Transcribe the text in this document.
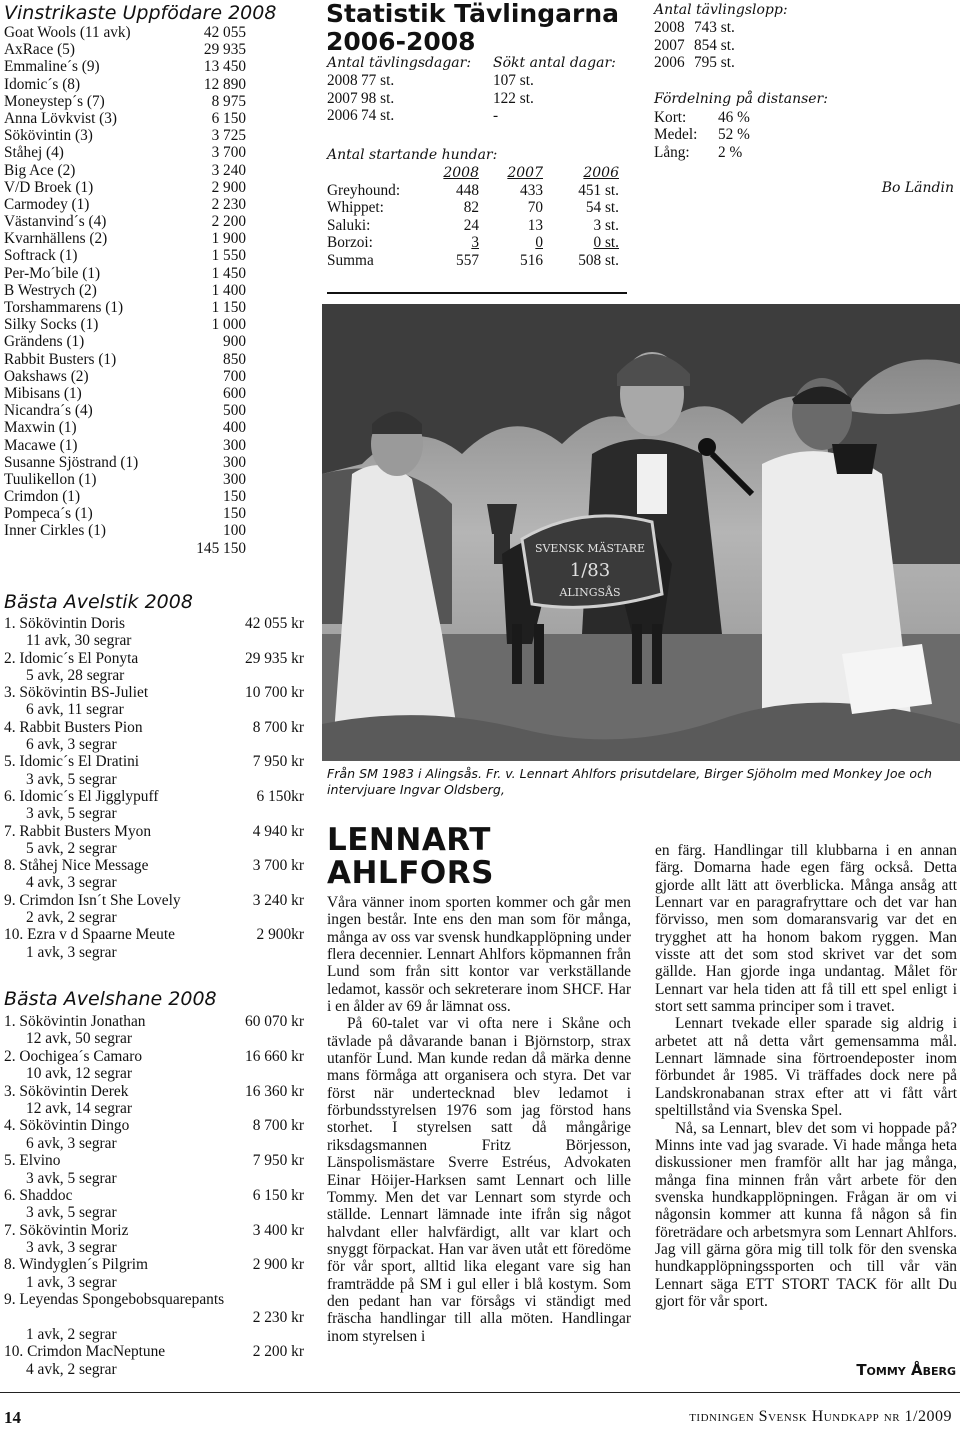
Vinstrikaste Uppfödare 2008
Goat Wools (11 avk)	42 055
AxRace (5)	29 935
Emmaline´s (9)	13 450
Idomic´s (8)	12 890
Moneystep´s (7)	8 975
Anna Lövkvist (3)	6 150
Sökövintin (3)	3 725
Ståhej (4)	3 700
Big Ace (2)	3 240
V/D Broek (1)	2 900
Carmodey (1)	2 230
Västanvind´s (4)	2 200
Kvarnhällens (2)	1 900
Softrack (1)	1 550
Per-Mo´bile (1)	1 450
B Westrych (2)	1 400
Torshammarens (1)	1 150
Silky Socks (1)	1 000
Grändens (1)	900
Rabbit Busters (1)	850
Oakshaws (2)	700
Mibisans (1)	600
Nicandra´s (4)	500
Maxwin (1)	400
Macawe (1)	300
Susanne Sjöstrand (1)	300
Tuulikellon (1)	300
Crimdon (1)	150
Pompeca´s (1)	150
Inner Cirkles (1)	100
145 150
Bästa Avelstik 2008
1. Sökövintin Doris	42 055 kr
11 avk, 30 segrar
2. Idomic´s El Ponyta	29 935 kr
5 avk, 28 segrar
3. Sökövintin BS-Juliet	10 700 kr
6 avk, 11 segrar
4. Rabbit Busters Pion	8 700 kr
6 avk, 3 segrar
5. Idomic´s El Dratini	7 950 kr
3 avk, 5 segrar
6. Idomic´s El Jigglypuff	6 150kr
3 avk, 5 segrar
7. Rabbit Busters Myon	4 940 kr
5 avk, 2 segrar
8. Ståhej Nice Message	3 700 kr
4 avk, 3 segrar
9. Crimdon Isn´t She Lovely	3 240 kr
2 avk, 2 segrar
10. Ezra v d Spaarne Meute	2 900kr
1 avk, 3 segrar
Bästa Avelshane 2008
1. Sökövintin Jonathan	60 070 kr
12 avk, 50 segrar
2. Oochigea´s Camaro	16 660 kr
10 avk, 12 segrar
3. Sökövintin Derek	16 360 kr
12 avk, 14 segrar
4. Sökövintin Dingo	8 700 kr
6 avk, 3 segrar
5. Elvino	7 950 kr
3 avk, 5 segrar
6. Shaddoc	6 150 kr
3 avk, 5 segrar
7. Sökövintin Moriz	3 400 kr
3 avk, 3 segrar
8. Windyglen´s Pilgrim	2 900 kr
1 avk, 3 segrar
9. Leyendas Spongebobsquarepants
2 230 kr
1 avk, 2 segrar
10. Crimdon MacNeptune	2 200 kr
4 avk, 2 segrar
Statistik Tävlingarna
2006-2008
Antal tävlingsdagar:	Sökt antal dagar:
2008 77 st.	107 st.
2007 98 st.	122 st.
2006 74 st.	-
Antal startande hundar:
2008	2007	2006
Greyhound:	448	433	451 st.
Whippet:	82	70	54 st.
Saluki:	24	13	3 st.
Borzoi:	3	0	0 st.
Summa	557	516	508 st.
Antal tävlingslopp:
2008 743 st.
2007 854 st.
2006 795 st.
Fördelning på distanser:
Kort:	46 %
Medel:	52 %
Lång:	2 %
Bo Ländin
SVENSK MÄSTARE
1/83
ALINGSÅS
Från SM 1983 i Alingsås. Fr. v. Lennart Ahlfors prisutdelare, Birger Sjöholm med Monkey Joe och intervjuare Ingvar Oldsberg,
LENNART
AHLFORS

Våra vänner inom sporten kommer och går men ingen består. Inte ens den man som för många, många av oss var svensk hundkapplöpning under flera decennier. Lennart Ahlfors köpmannen från Lund som från sitt kontor var verkställande ledamot, kassör och sekreterare inom SHCF. Har i en ålder av 69 år lämnat oss.

På 60-talet var vi ofta nere i Skåne och tävlade på dåvarande banan i Björnstorp, strax utanför Lund. Man kunde redan då märka denne mans förmåga att organisera och styra. Det var först när undertecknad blev ledamot i förbundsstyrelsen 1976 som jag förstod hans storhet. I styrelsen satt då mångårige riksdagsmannen Fritz Börjesson, Länspolismästare Sverre Estréus, Advokaten Einar Höijer-Harksen samt Lennart och lille Tommy. Men det var Lennart som styrde och ställde. Lennart lämnade inte ifrån sig något halvdant eller halvfärdigt, allt var klart och snyggt förpackat. Han var även utåt ett föredöme för vår sport, alltid lika elegant vare sig han framträdde på SM i gul eller i blå kostym. Som den pedant han var försågs vi ständigt med fräscha handlingar till alla möten. Handlingar inom styrelsen i

en färg. Handlingar till klubbarna i en annan färg. Domarna hade egen färg också. Detta gjorde allt lätt att överblicka. Många ansåg att Lennart var en paragrafryttare och det var han förvisso, men som domaransvarig var det en trygghet att ha honom bakom ryggen. Man visste att det som stod skrivet var det som gällde. Han gjorde inga undantag. Målet för Lennart var hela tiden att få till ett spel enligt i stort sett samma principer som i travet.

Lennart tvekade eller sparade sig aldrig i arbetet att nå detta vårt gemensamma mål. Lennart lämnade sina förtroendeposter inom förbundet år 1985. Vi träffades dock nere på Landskronabanan strax efter att vi fått vårt speltillstånd via Svenska Spel.

Nå, sa Lennart, blev det som vi hoppade på? Minns inte vad jag svarade. Vi hade många heta diskussioner men framför allt har jag många, många fina minnen från vårt arbete för den svenska hundkapplöpningen. Frågan är om vi någonsin kommer att kunna få någon så fin företrädare och arbetsmyra som Lennart Ahlfors. Jag vill gärna göra mig till tolk för den svenska hundkapplöpningssporten och till vår vän Lennart säga ETT STORT TACK för allt Du gjort för vår sport.

Tommy Åberg
14	tidningen Svensk Hundkapp nr 1/2009
